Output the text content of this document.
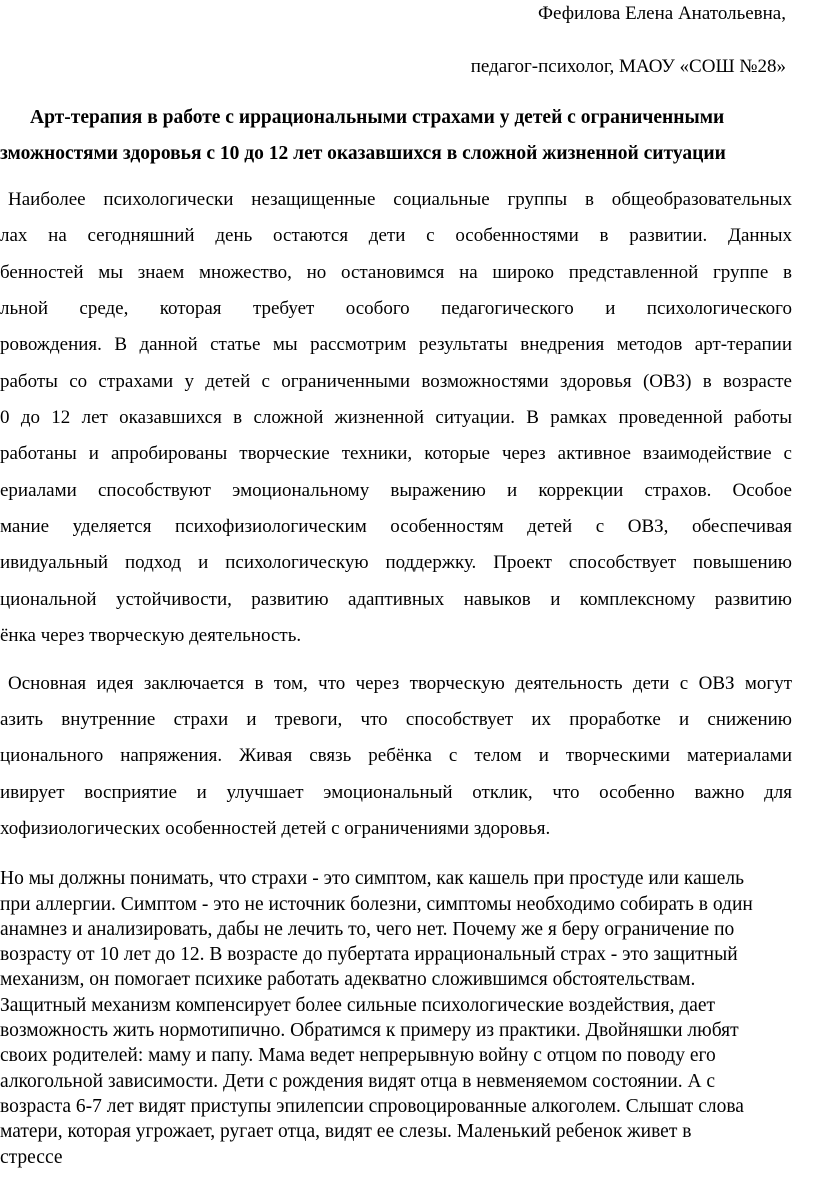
Фефилова Елена Анатольевна,
педагог-психолог, МАОУ «СОШ №28»
Арт-терапия в работе с иррациональными страхами у детей с ограниченными
зможностями здоровья с 10 до 12 лет оказавшихся в сложной жизненной ситуации
Наиболее психологически незащищенные социальные группы в общеобразовательных
лах на сегодняшний день остаются дети с особенностями в развитии. Данных
бенностей мы знаем множество, но остановимся на широко представленной группе в
льной среде, которая требует особого педагогического и психологического
ровождения. В данной статье мы рассмотрим результаты внедрения методов арт-терапии
работы со страхами у детей с ограниченными возможностями здоровья (ОВЗ) в возрасте
0 до 12 лет оказавшихся в сложной жизненной ситуации. В рамках проведенной работы
работаны и апробированы творческие техники, которые через активное взаимодействие с
ериалами способствуют эмоциональному выражению и коррекции страхов. Особое
мание уделяется психофизиологическим особенностям детей с ОВЗ, обеспечивая
ивидуальный подход и психологическую поддержку. Проект способствует повышению
циональной устойчивости, развитию адаптивных навыков и комплексному развитию
ёнка через творческую деятельность.
Основная идея заключается в том, что через творческую деятельность дети с ОВЗ могут
азить внутренние страхи и тревоги, что способствует их проработке и снижению
циональнoго напряжения. Живая связь ребёнка с телом и творческими материалами
ивирует восприятие и улучшает эмоциональный отклик, что особенно важно для
хофизиологических особенностей детей с ограничениями здоровья.
Но мы должны понимать, что страхи - это симптом, как кашель при простуде или кашель
при аллергии. Симптом - это не источник болезни, симптомы необходимо собирать в один
анамнез и анализировать, дабы не лечить то, чего нет. Почему же я беру ограничение по
возрасту от 10 лет до 12. В возрасте до пубертата иррациональный страх - это защитный
механизм, он помогает психике работать адекватно сложившимся обстоятельствам.
Защитный механизм компенсирует более сильные психологические воздействия, дает
возможность жить нормотипично. Обратимся к примеру из практики. Двойняшки любят
своих родителей: маму и папу. Мама ведет непрерывную войну с отцом по поводу его
алкогольной зависимости. Дети с рождения видят отца в невменяемом состоянии. А с
возраста 6-7 лет видят приступы эпилепсии спровоцированные алкоголем. Слышат слова
матери, которая угрожает, ругает отца, видят ее слезы. Маленький ребенок живет в
стрессе
